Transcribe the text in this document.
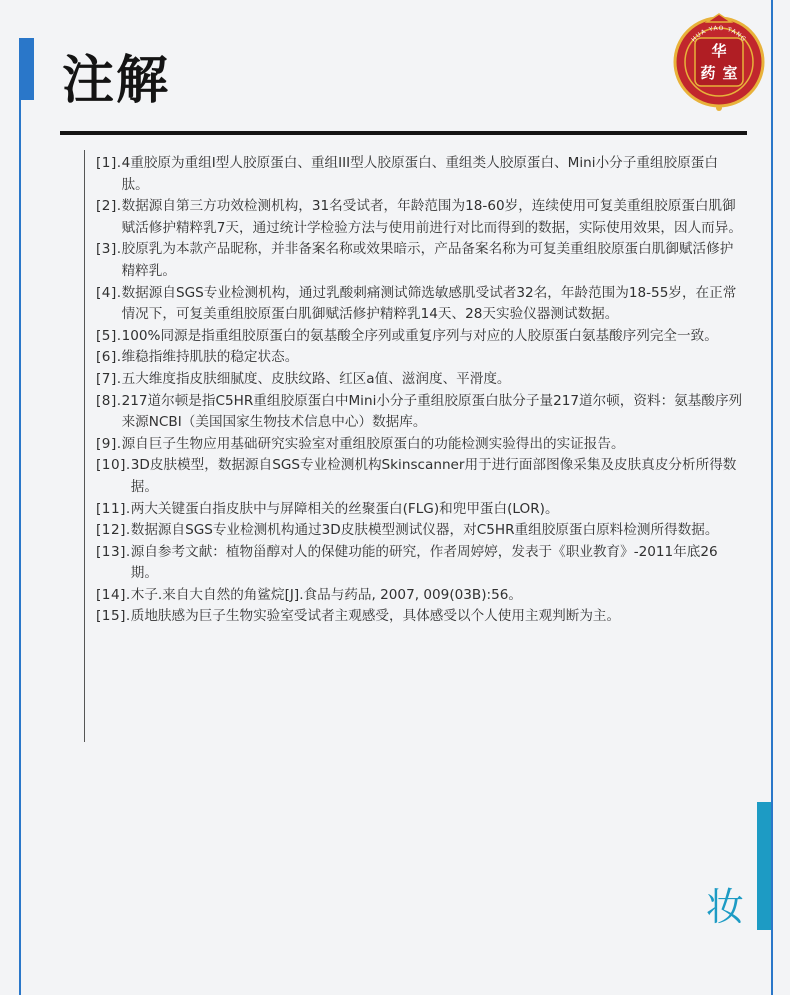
注解	华
药 室
HUA YAO TANG
[1]. 4重胶原为重组I型人胶原蛋白、重组III型人胶原蛋白、重组类人胶原蛋白、Mini小分子重组胶原蛋白肽。
[2]. 数据源自第三方功效检测机构，31名受试者，年龄范围为18-60岁，连续使用可复美重组胶原蛋白肌御赋活修护精粹乳7天，通过统计学检验方法与使用前进行对比而得到的数据，实际使用效果，因人而异。
[3]. 胶原乳为本款产品昵称，并非备案名称或效果暗示，产品备案名称为可复美重组胶原蛋白肌御赋活修护精粹乳。
[4]. 数据源自SGS专业检测机构，通过乳酸刺痛测试筛选敏感肌受试者32名，年龄范围为18-55岁，在正常情况下，可复美重组胶原蛋白肌御赋活修护精粹乳14天、28天实验仪器测试数据。
[5]. 100%同源是指重组胶原蛋白的氨基酸全序列或重复序列与对应的人胶原蛋白氨基酸序列完全一致。
[6]. 维稳指维持肌肤的稳定状态。
[7]. 五大维度指皮肤细腻度、皮肤纹路、红区a值、滋润度、平滑度。
[8]. 217道尔顿是指C5HR重组胶原蛋白中Mini小分子重组胶原蛋白肽分子量217道尔顿，资料：氨基酸序列来源NCBI（美国国家生物技术信息中心）数据库。
[9]. 源自巨子生物应用基础研究实验室对重组胶原蛋白的功能检测实验得出的实证报告。
[10]. 3D皮肤模型，数据源自SGS专业检测机构Skinscanner用于进行面部图像采集及皮肤真皮分析所得数据。
[11]. 两大关键蛋白指皮肤中与屏障相关的丝聚蛋白(FLG)和兜甲蛋白(LOR)。
[12]. 数据源自SGS专业检测机构通过3D皮肤模型测试仪器，对C5HR重组胶原蛋白原料检测所得数据。
[13]. 源自参考文献：植物甾醇对人的保健功能的研究，作者周婷婷，发表于《职业教育》-2011年底26期。
[14]. 木子.来自大自然的角鲨烷[J].食品与药品, 2007, 009(03B):56。
[15]. 质地肤感为巨子生物实验室受试者主观感受，具体感受以个人使用主观判断为主。
妆
